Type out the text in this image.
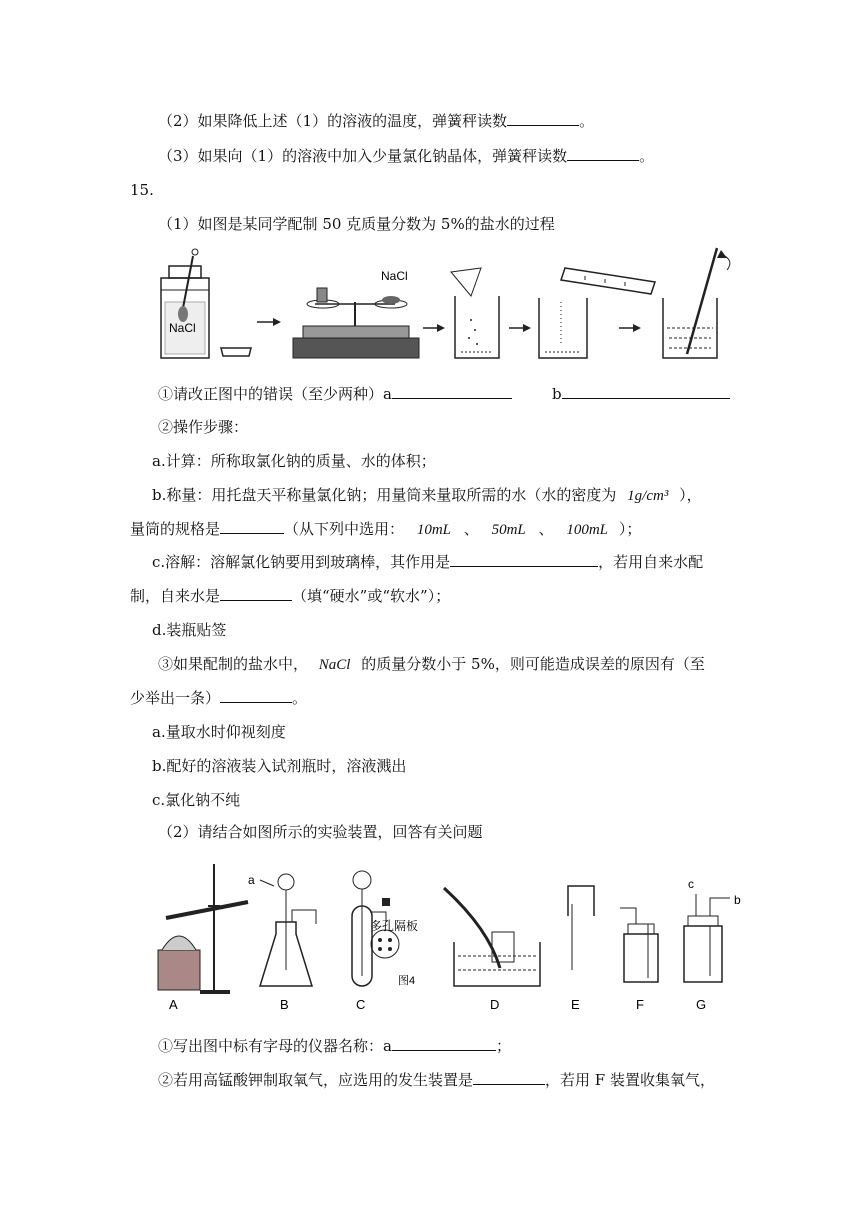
（2）如果降低上述（1）的溶液的温度，弹簧秤读数	。
（3）如果向（1）的溶液中加入少量氯化钠晶体，弹簧秤读数	。
15.
（1）如图是某同学配制 50 克质量分数为 5%的盐水的过程
NaCl
NaCl
①请改正图中的错误（至少两种）a	b
②操作步骤：
a.计算：所称取氯化钠的质量、水的体积；
b.称量：用托盘天平称量氯化钠；用量筒来量取所需的水（水的密度为 1g/cm³ ），
量筒的规格是	（从下列中选用： 10mL 、 50mL 、 100mL ）；
c.溶解：溶解氯化钠要用到玻璃棒，其作用是	，若用自来水配
制，自来水是	（填“硬水”或“软水”）；
d.装瓶贴签
③如果配制的盐水中， NaCl 的质量分数小于 5%，则可能造成误差的原因有（至
少举出一条）	。
a.量取水时仰视刻度
b.配好的溶液装入试剂瓶时，溶液溅出
c.氯化钠不纯
（2）请结合如图所示的实验装置，回答有关问题
A
a
B
多孔隔板
图4
C	D	E	F
c
b
G
①写出图中标有字母的仪器名称：a	；
②若用高锰酸钾制取氧气，应选用的发生装置是	，若用 F 装置收集氧气，
